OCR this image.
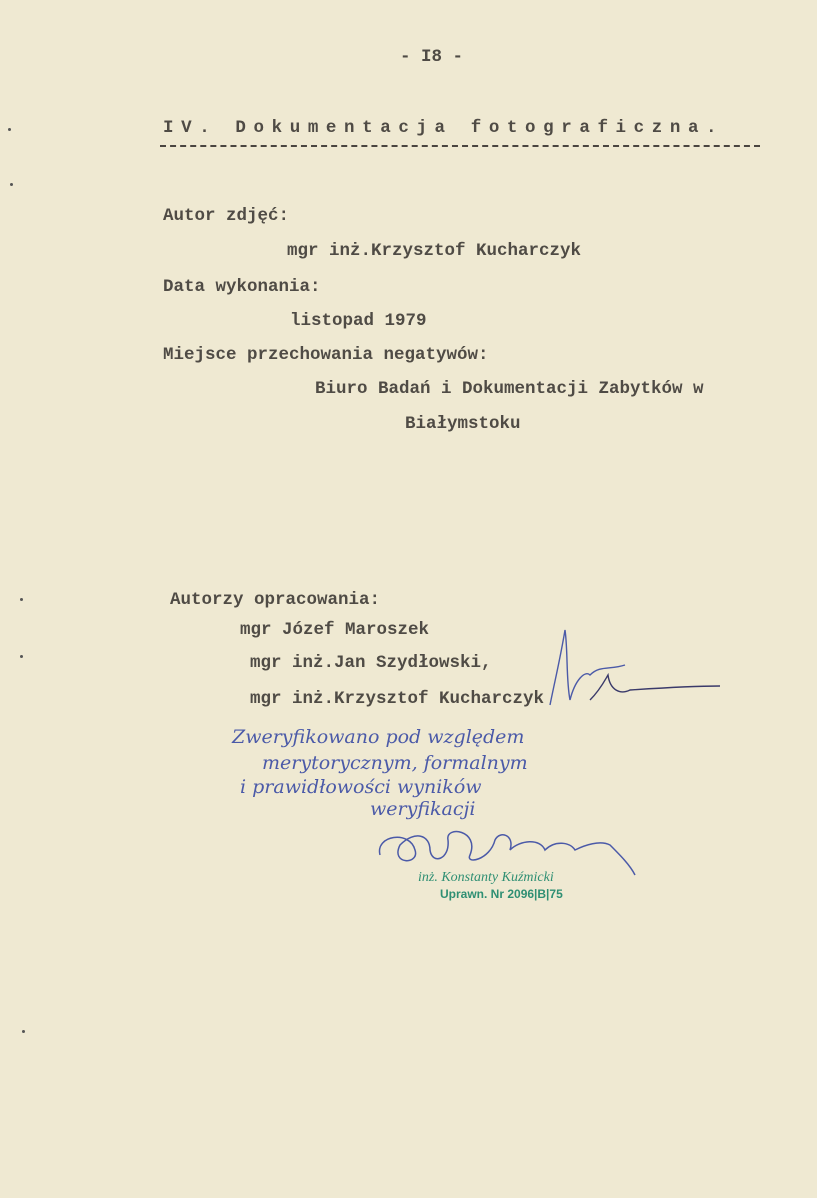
- I8 -
IV. Dokumentacja fotograficzna.
Autor zdjęć:
mgr inż.Krzysztof Kucharczyk
Data wykonania:
listopad 1979
Miejsce przechowania negatywów:
Biuro Badań i Dokumentacji Zabytków w
Białymstoku
Autorzy opracowania:
mgr Józef Maroszek
mgr inż.Jan Szydłowski,
mgr inż.Krzysztof Kucharczyk
Zweryfikowano pod względem
merytorycznym, formalnym
i prawidłowości wyników
weryfikacji
inż. Konstanty Kuźmicki
Uprawn. Nr 2096|B|75
